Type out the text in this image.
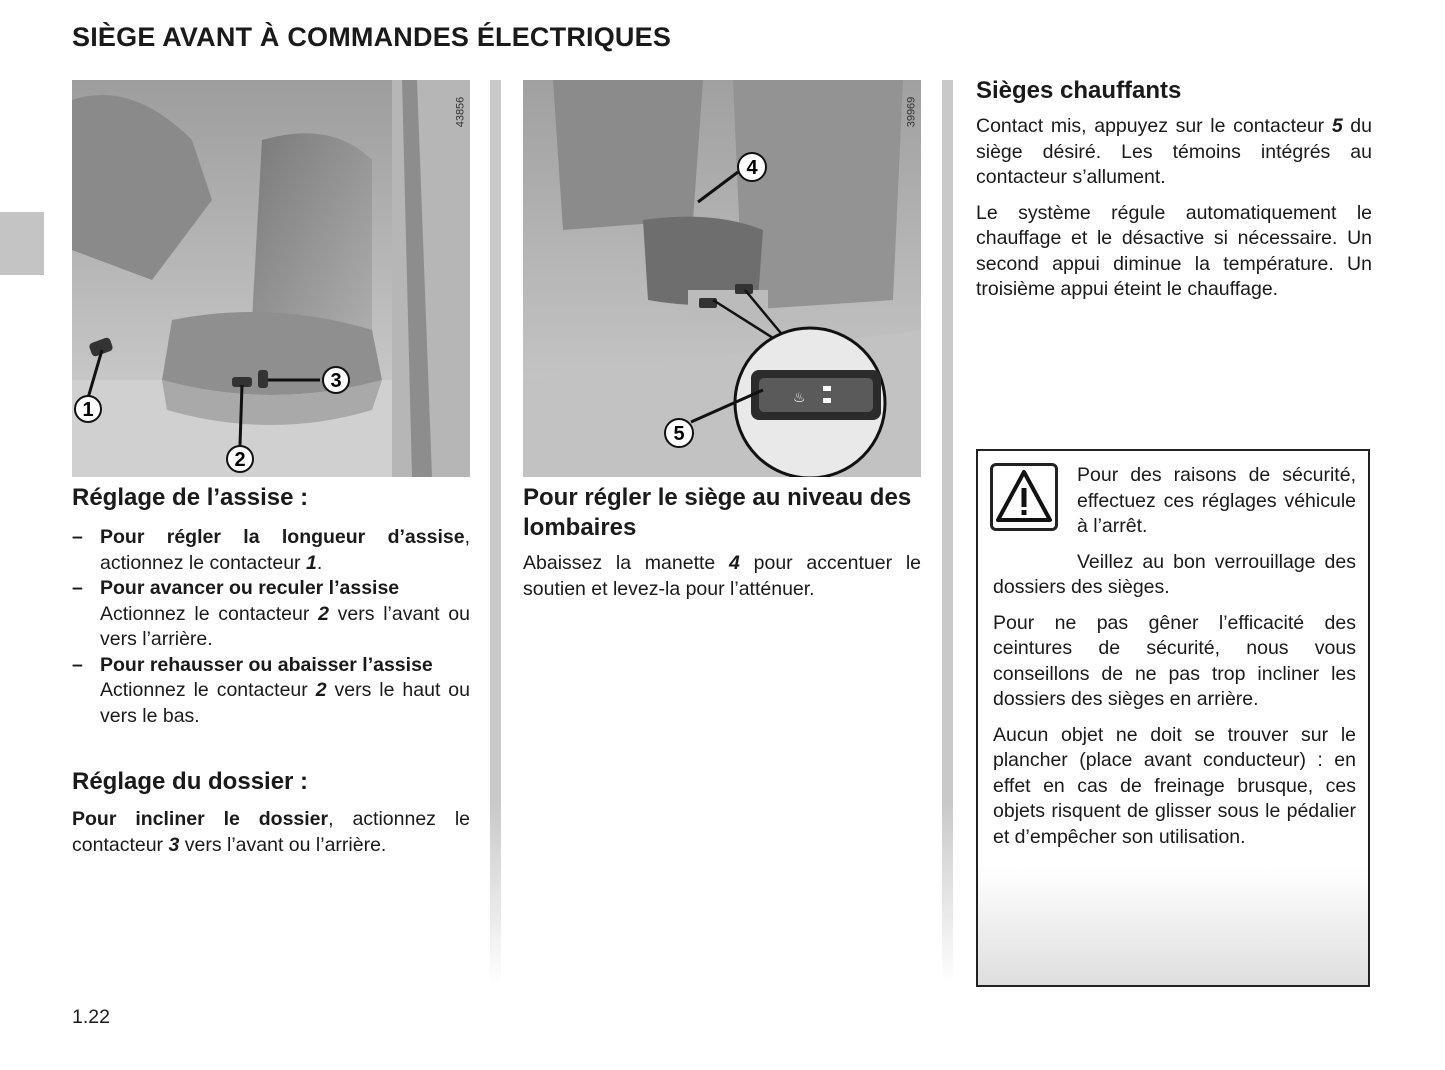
SIÈGE AVANT À COMMANDES ÉLECTRIQUES
1
2
3
43856
♨
4
5
39969
Réglage de l’assise :
– Pour régler la longueur d’assise, actionnez le contacteur 1.
– Pour avancer ou reculer l’assise
Actionnez le contacteur 2 vers l’avant ou vers l’arrière.
– Pour rehausser ou abaisser l’assise
Actionnez le contacteur 2 vers le haut ou vers le bas.
Réglage du dossier :

Pour incliner le dossier, actionnez le contacteur 3 vers l’avant ou l’arrière.

Pour régler le siège au niveau des lombaires

Abaissez la manette 4 pour accentuer le soutien et levez-la pour l’atténuer.

Sièges chauffants

Contact mis, appuyez sur le contacteur 5 du siège désiré. Les témoins intégrés au contacteur s’allument.

Le système régule automatiquement le chauffage et le désactive si nécessaire. Un second appui diminue la température. Un troisième appui éteint le chauffage.

Pour des raisons de sécurité, effectuez ces réglages véhicule à l’arrêt.

Veillez au bon verrouillage des dossiers des sièges.

Pour ne pas gêner l’efficacité des ceintures de sécurité, nous vous conseillons de ne pas trop incliner les dossiers des sièges en arrière.

Aucun objet ne doit se trouver sur le plancher (place avant conducteur) : en effet en cas de freinage brusque, ces objets risquent de glisser sous le pédalier et d’empêcher son utilisation.

1.22
